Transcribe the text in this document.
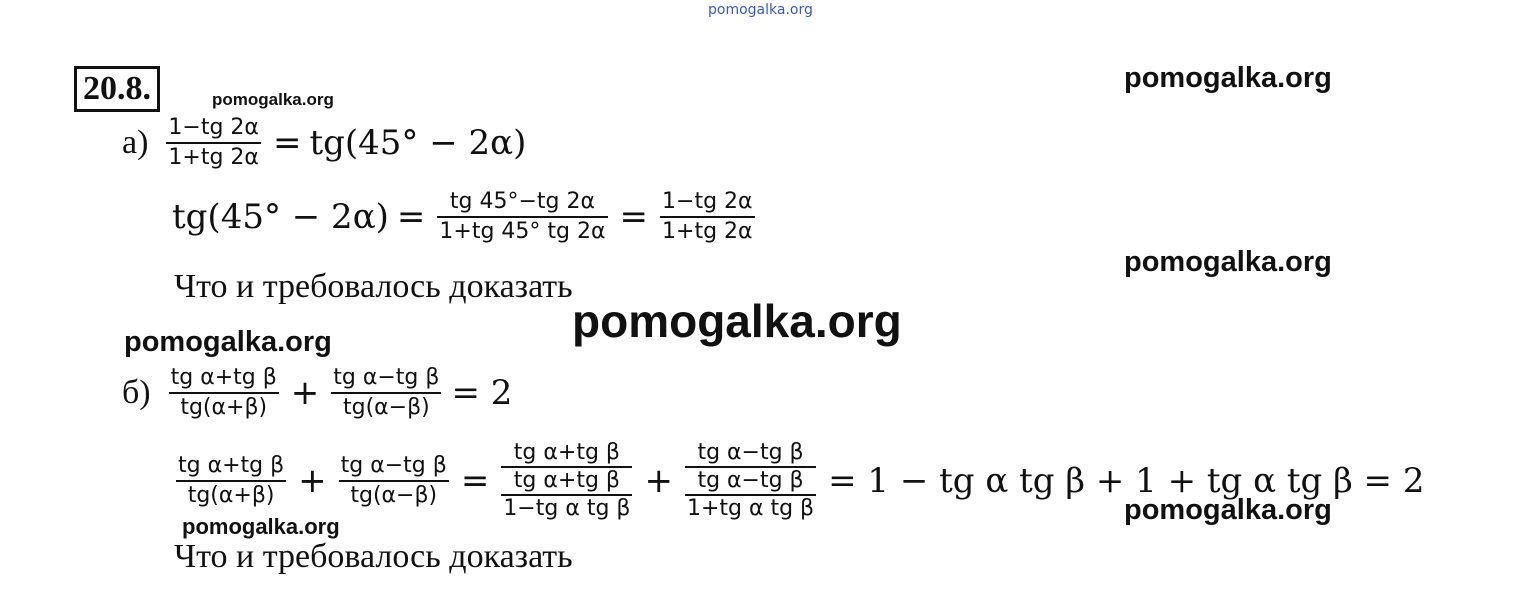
pomogalka.org
pomogalka.org
pomogalka.org
pomogalka.org
pomogalka.org
pomogalka.org	pomogalka.org
pomogalka.org
20.8.
$а) \frac{1-tg 2\alpha}{1+tg 2\alpha} = tg(45^\circ - 2\alpha)$
$tg(45^\circ - 2\alpha) = \frac{tg 45^\circ-tg 2\alpha}{1+tg 45^\circ tg 2\alpha} = \frac{1-tg 2\alpha}{1+tg 2\alpha}$
Что и требовалось доказать
$б) \frac{\text{tg α+tg β}}{tg(\alpha+\beta)} + \frac{\text{tg α−tg β}}{tg(\alpha-\beta)} = 2$
$\frac{\text{tg α+tg β}}{tg(\alpha+\beta)} + \frac{\text{tg α−tg β}}{tg(\alpha-\beta)} = \frac{\text{tg α+tg β}}{\frac{\text{tg α+tg β}}{\text{1−tg α tg β}}} + \frac{\text{tg α−tg β}}{\frac{\text{tg α−tg β}}{\text{1+tg α tg β}}} = 1$ − tg α tg β + 1 + tg α tg β = 2
Что и требовалось доказать
